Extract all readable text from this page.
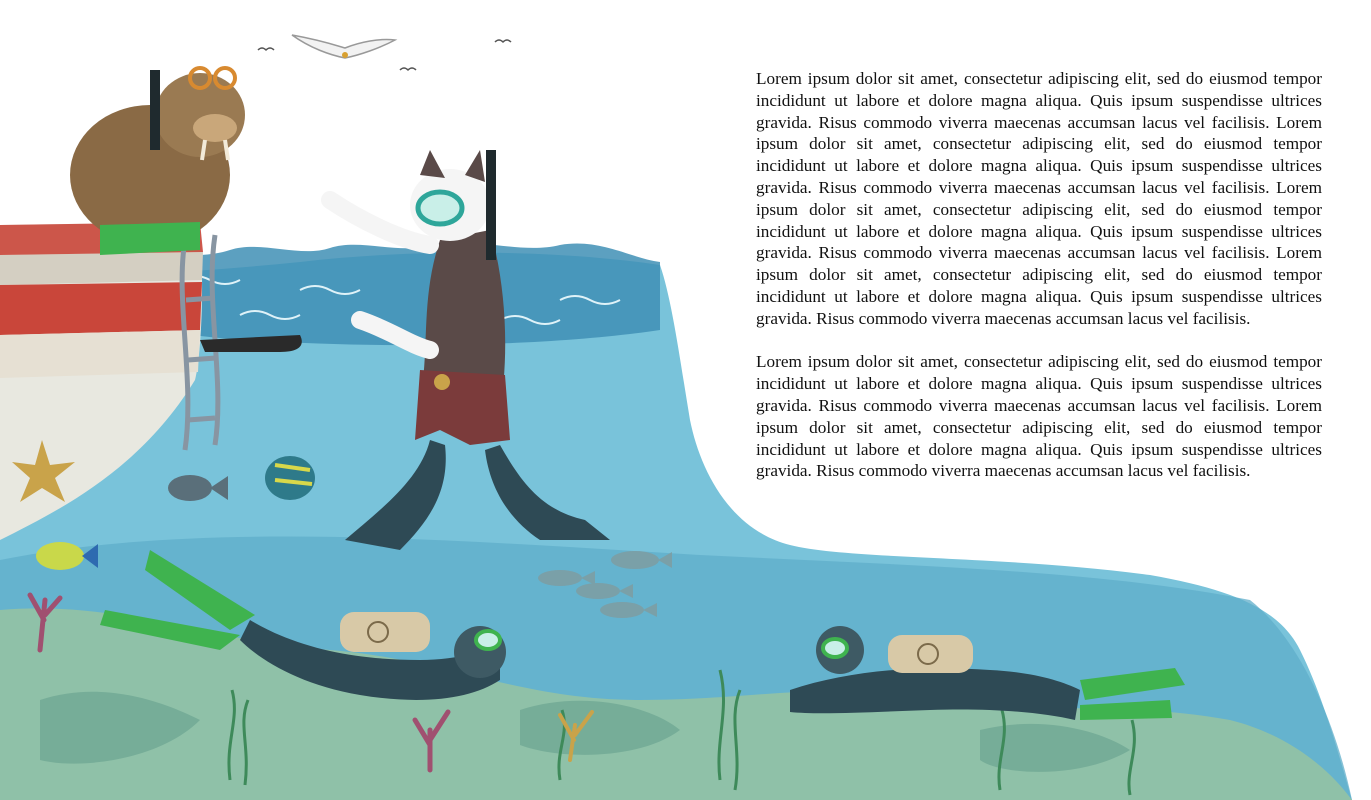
Lorem ipsum dolor sit amet, consectetur adipiscing elit, sed do eiusmod tempor incididunt ut labore et dolore magna aliqua. Quis ipsum suspendisse ultrices gravida. Risus commodo viverra maecenas accumsan lacus vel facilisis. Lorem ipsum dolor sit amet, consectetur adipiscing elit, sed do eiusmod tempor incididunt ut labore et dolore magna aliqua. Quis ipsum suspendisse ultrices gravida. Risus commodo viverra maecenas accumsan lacus vel facilisis. Lorem ipsum dolor sit amet, consectetur adipiscing elit, sed do eiusmod tempor incididunt ut labore et dolore magna aliqua. Quis ipsum suspendisse ultrices gravida. Risus commodo viverra maecenas accumsan lacus vel facilisis. Lorem ipsum dolor sit amet, consectetur adipiscing elit, sed do eiusmod tempor incididunt ut labore et dolore magna aliqua. Quis ipsum suspendisse ultrices gravida. Risus commodo viverra maecenas accumsan lacus vel facilisis.

Lorem ipsum dolor sit amet, consectetur adipiscing elit, sed do eiusmod tempor incididunt ut labore et dolore magna aliqua. Quis ipsum suspendisse ultrices gravida. Risus commodo viverra maecenas accumsan lacus vel facilisis. Lorem ipsum dolor sit amet, consectetur adipiscing elit, sed do eiusmod tempor incididunt ut labore et dolore magna aliqua. Quis ipsum suspendisse ultrices gravida. Risus commodo viverra maecenas accumsan lacus vel facilisis.
